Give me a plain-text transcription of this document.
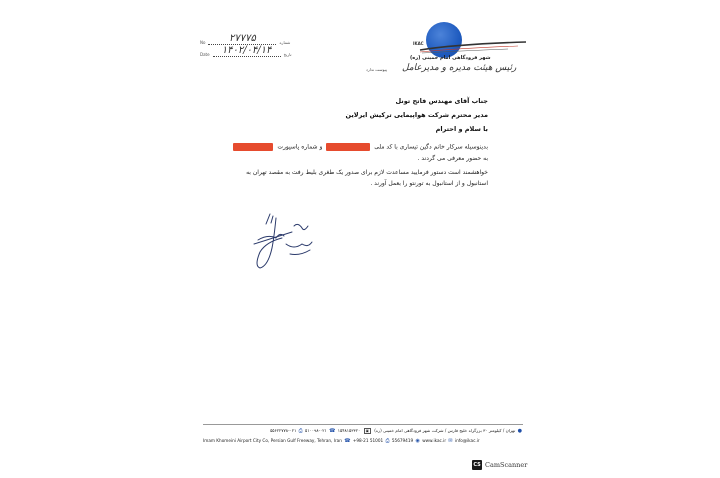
No	۲۷۷۷۵	شماره
Date	۱۴۰۲/۰۴/۱۴	تاریخ
IKAC
شهر فرودگاهی امام خمینی (ره)
رئیس هیئت مدیره و مدیرعامل
پیوست ندارد
جناب آقای مهندس فاتح تونل
مدیر محترم شرکت هواپیمایی ترکیش ایرلاین
با سلام و احترام
بدینوسیله سرکار خانم دگین تیساری با کد ملی  و شماره پاسپورت
به حضور معرفی می گردند .
خواهشمند است دستور فرمایید مساعدت لازم برای صدور یک طغری بلیط رفت به مقصد تهران به
استانبول و از استانبول به تورنتو را بعمل آورند .
● تهران / کیلومتر ۳۰ بزرگراه خلیج فارس / شرکت شهر فرودگاهی امام خمینی (ره) ▣ ۱۵۴۸۱۵۳۳۲۰ ☎ ۰۲۱-۵۱۰۰۹۸ ⎙ ۰۲۱-۵۵۶۲۲۷۷۸
Imam Khomeini Airport City Co, Persian Gulf Freeway, Tehran, Iran ☎ +98-21 51001 ⎙ 55679419 ◉ www.ikac.ir ✉ info@ikac.ir
CS CamScanner
